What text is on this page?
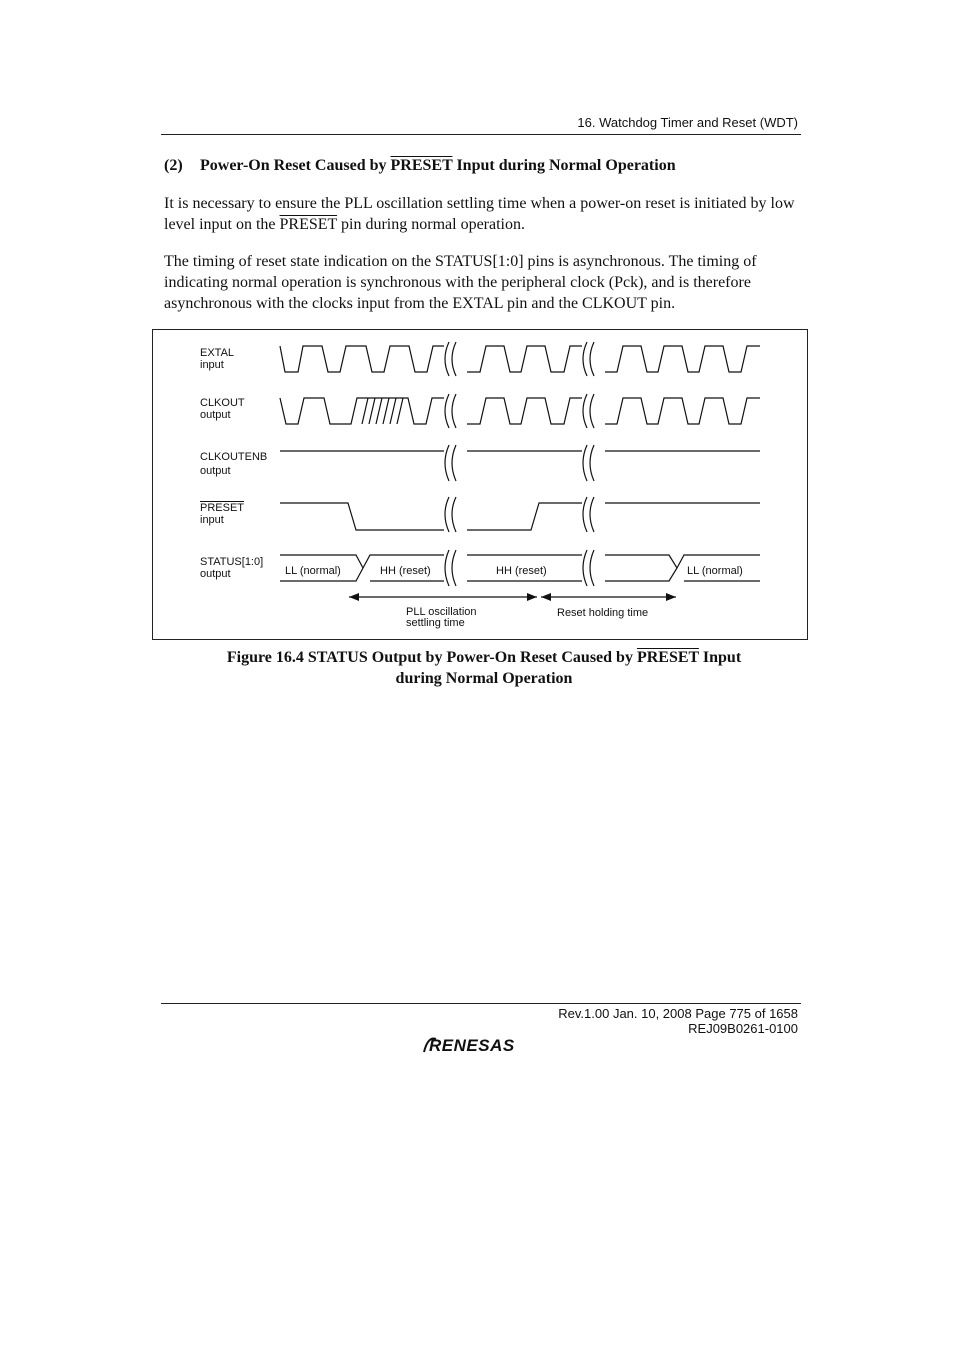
16. Watchdog Timer and Reset (WDT)
(2) Power-On Reset Caused by PRESET Input during Normal Operation

It is necessary to ensure the PLL oscillation settling time when a power-on reset is initiated by low level input on the PRESET pin during normal operation.

The timing of reset state indication on the STATUS[1:0] pins is asynchronous. The timing of indicating normal operation is synchronous with the peripheral clock (Pck), and is therefore asynchronous with the clocks input from the EXTAL pin and the CLKOUT pin.

EXTAL
input
CLKOUT
output
CLKOUTENB
output
PRESET
input
STATUS[1:0]
output	LL (normal)	HH (reset)	HH (reset)	LL (normal)
PLL oscillation
settling time
Reset holding time
Figure 16.4 STATUS Output by Power-On Reset Caused by PRESET Input
during Normal Operation
Rev.1.00 Jan. 10, 2008 Page 775 of 1658
REJ09B0261-0100
RENESAS
